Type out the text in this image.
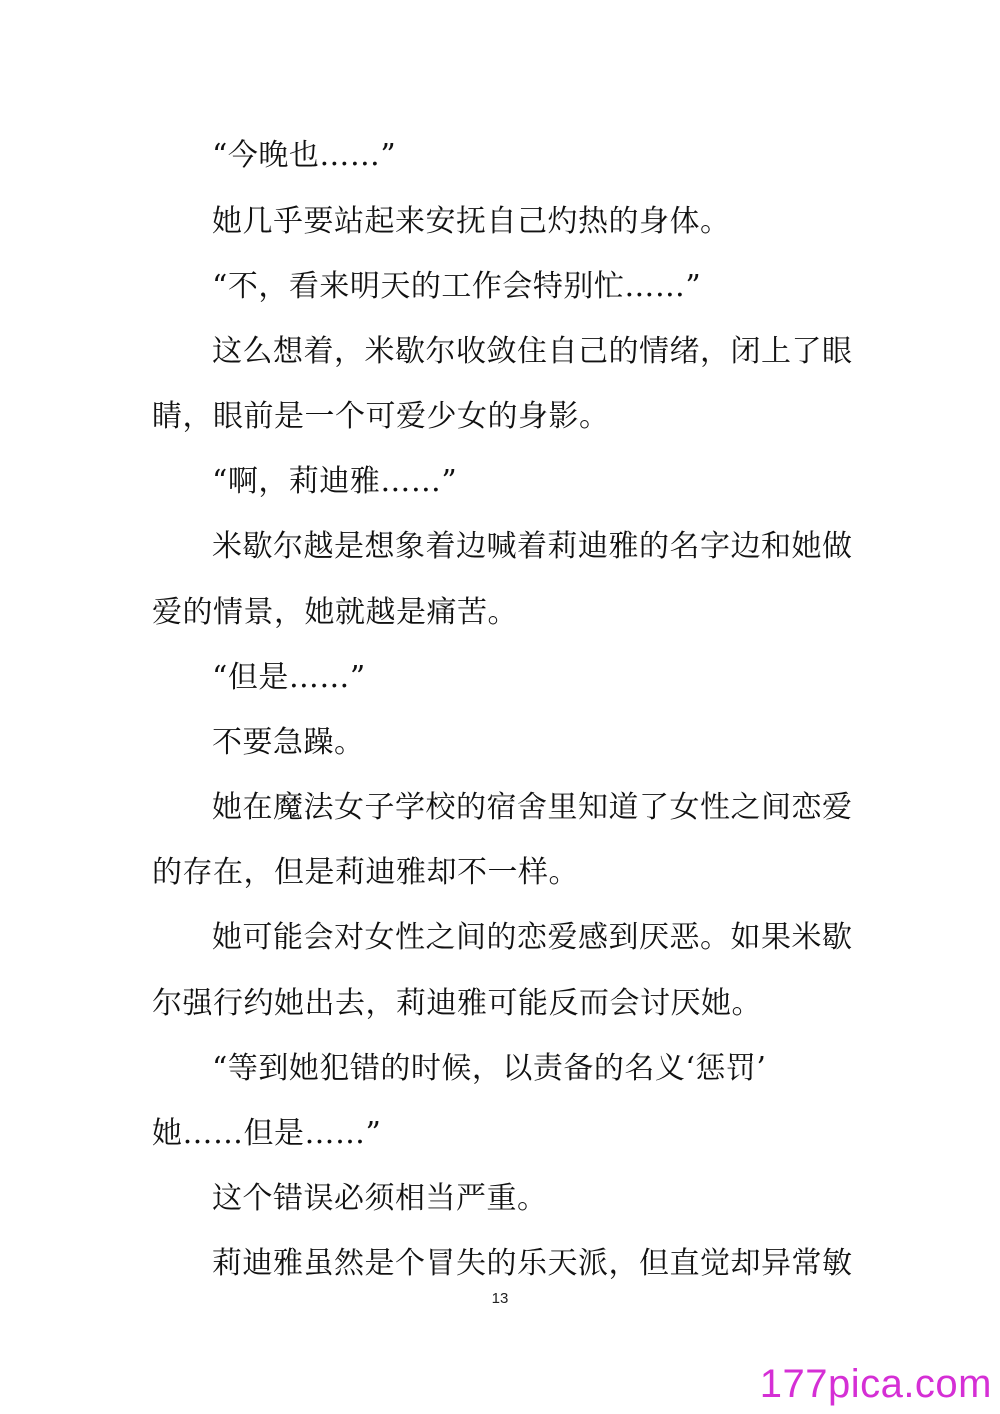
“今晚也……”
她几乎要站起来安抚自己灼热的身体。
“不，看来明天的工作会特别忙……”
这么想着，米歇尔收敛住自己的情绪，闭上了眼
睛，眼前是一个可爱少女的身影。
“啊，莉迪雅……”
米歇尔越是想象着边喊着莉迪雅的名字边和她做
爱的情景，她就越是痛苦。
“但是……”
不要急躁。
她在魔法女子学校的宿舍里知道了女性之间恋爱
的存在，但是莉迪雅却不一样。
她可能会对女性之间的恋爱感到厌恶。如果米歇
尔强行约她出去，莉迪雅可能反而会讨厌她。
“等到她犯错的时候，以责备的名义‘惩罚’
她……但是……”
这个错误必须相当严重。
莉迪雅虽然是个冒失的乐天派，但直觉却异常敏
13
177pica.com
